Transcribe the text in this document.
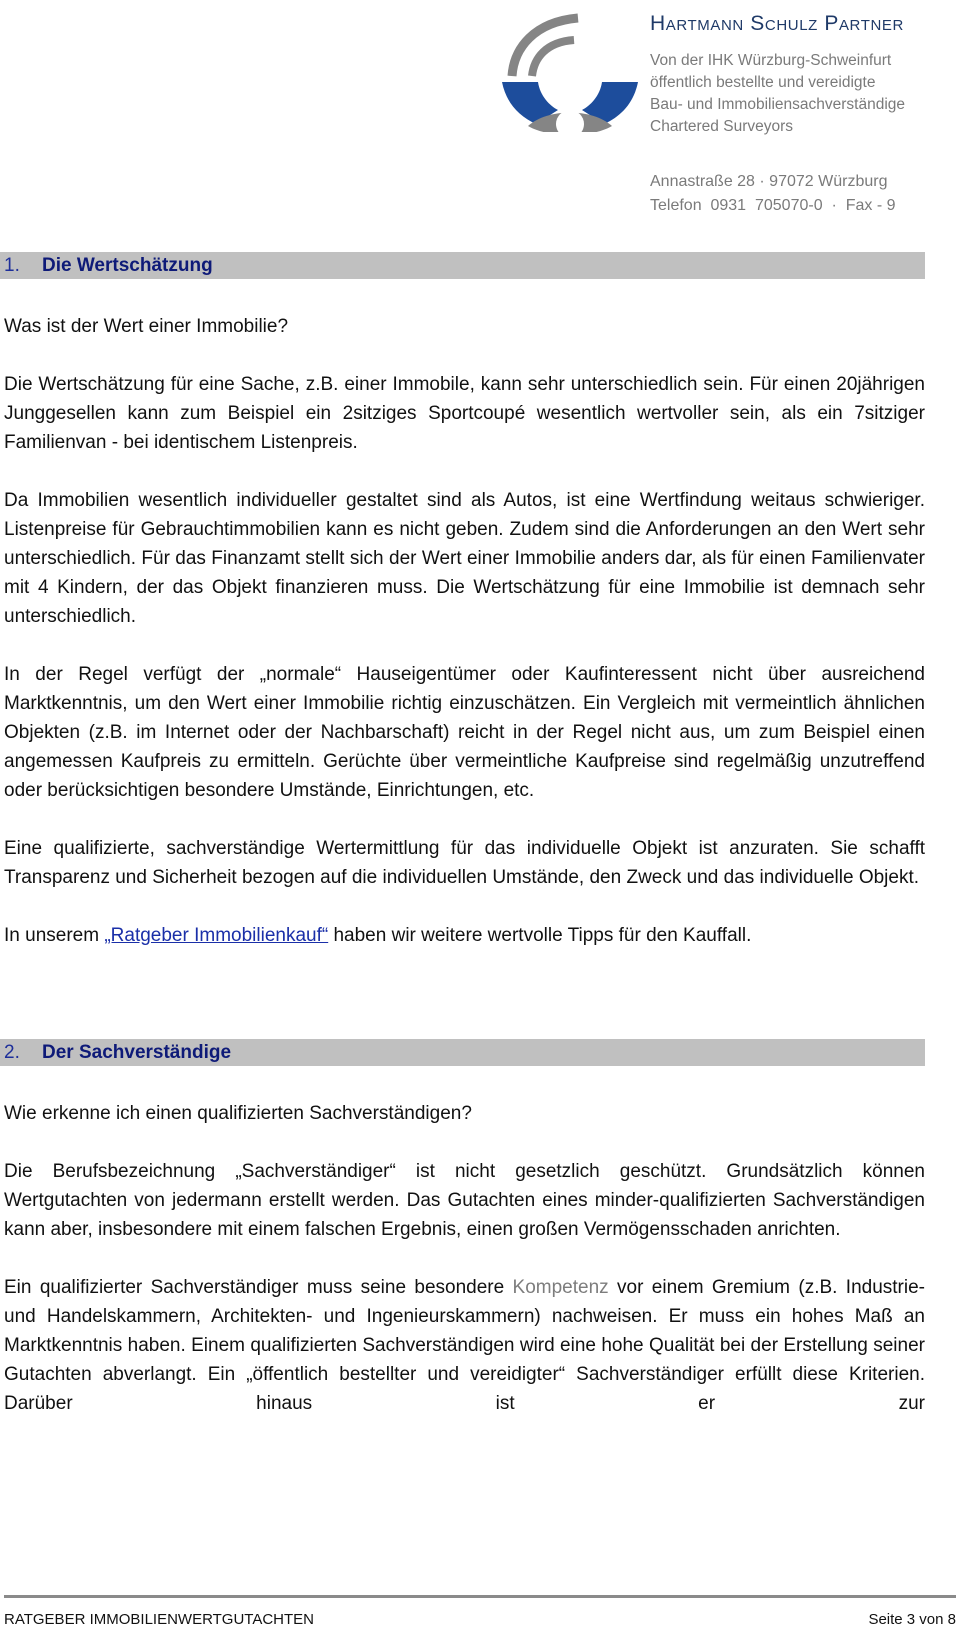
Hartmann Schulz Partner
Von der IHK Würzburg-Schweinfurt
öffentlich bestellte und vereidigte
Bau- und Immobiliensachverständige
Chartered Surveyors
Annastraße 28 · 97072 Würzburg
Telefon  0931  705070-0  ·  Fax - 9
1. Die Wertschätzung

Was ist der Wert einer Immobilie?

Die Wertschätzung für eine Sache, z.B. einer Immobile, kann sehr unterschiedlich sein. Für einen 20jährigen Junggesellen kann zum Beispiel ein 2sitziges Sportcoupé wesentlich wertvoller sein, als ein 7sitziger Familienvan - bei identischem Listenpreis.

Da Immobilien wesentlich individueller gestaltet sind als Autos, ist eine Wertfindung weitaus schwieriger. Listenpreise für Gebrauchtimmobilien kann es nicht geben. Zudem sind die Anforderungen an den Wert sehr unterschiedlich. Für das Finanzamt stellt sich der Wert einer Immobilie anders dar, als für einen Familienvater mit 4 Kindern, der das Objekt finanzieren muss. Die Wertschätzung für eine Immobilie ist demnach sehr unterschiedlich.

In der Regel verfügt der „normale“ Hauseigentümer oder Kaufinteressent nicht über ausreichend Marktkenntnis, um den Wert einer Immobilie richtig einzuschätzen. Ein Vergleich mit vermeintlich ähnlichen Objekten (z.B. im Internet oder der Nachbarschaft) reicht in der Regel nicht aus, um zum Beispiel einen angemessen Kaufpreis zu ermitteln. Gerüchte über vermeintliche Kaufpreise sind regelmäßig unzutreffend oder berücksichtigen besondere Umstände, Einrichtungen, etc.

Eine qualifizierte, sachverständige Wertermittlung für das individuelle Objekt ist anzuraten. Sie schafft Transparenz und Sicherheit bezogen auf die individuellen Umstände, den Zweck und das individuelle Objekt.

In unserem „Ratgeber Immobilienkauf“ haben wir weitere wertvolle Tipps für den Kauffall.

2. Der Sachverständige

Wie erkenne ich einen qualifizierten Sachverständigen?

Die Berufsbezeichnung „Sachverständiger“ ist nicht gesetzlich geschützt. Grundsätzlich können Wertgutachten von jedermann erstellt werden. Das Gutachten eines minder-qualifizierten Sachverständigen kann aber, insbesondere mit einem falschen Ergebnis, einen großen Vermögensschaden anrichten.

Ein qualifizierter Sachverständiger muss seine besondere Kompetenz vor einem Gremium (z.B. Industrie- und Handelskammern, Architekten- und Ingenieurskammern) nachweisen. Er muss ein hohes Maß an Marktkenntnis haben. Einem qualifizierten Sachverständigen wird eine hohe Qualität bei der Erstellung seiner Gutachten abverlangt. Ein „öffentlich bestellter und vereidigter“ Sachverständiger erfüllt diese Kriterien. Darüber hinaus ist er zur

RATGEBER IMMOBILIENWERTGUTACHTEN	Seite 3 von 8
